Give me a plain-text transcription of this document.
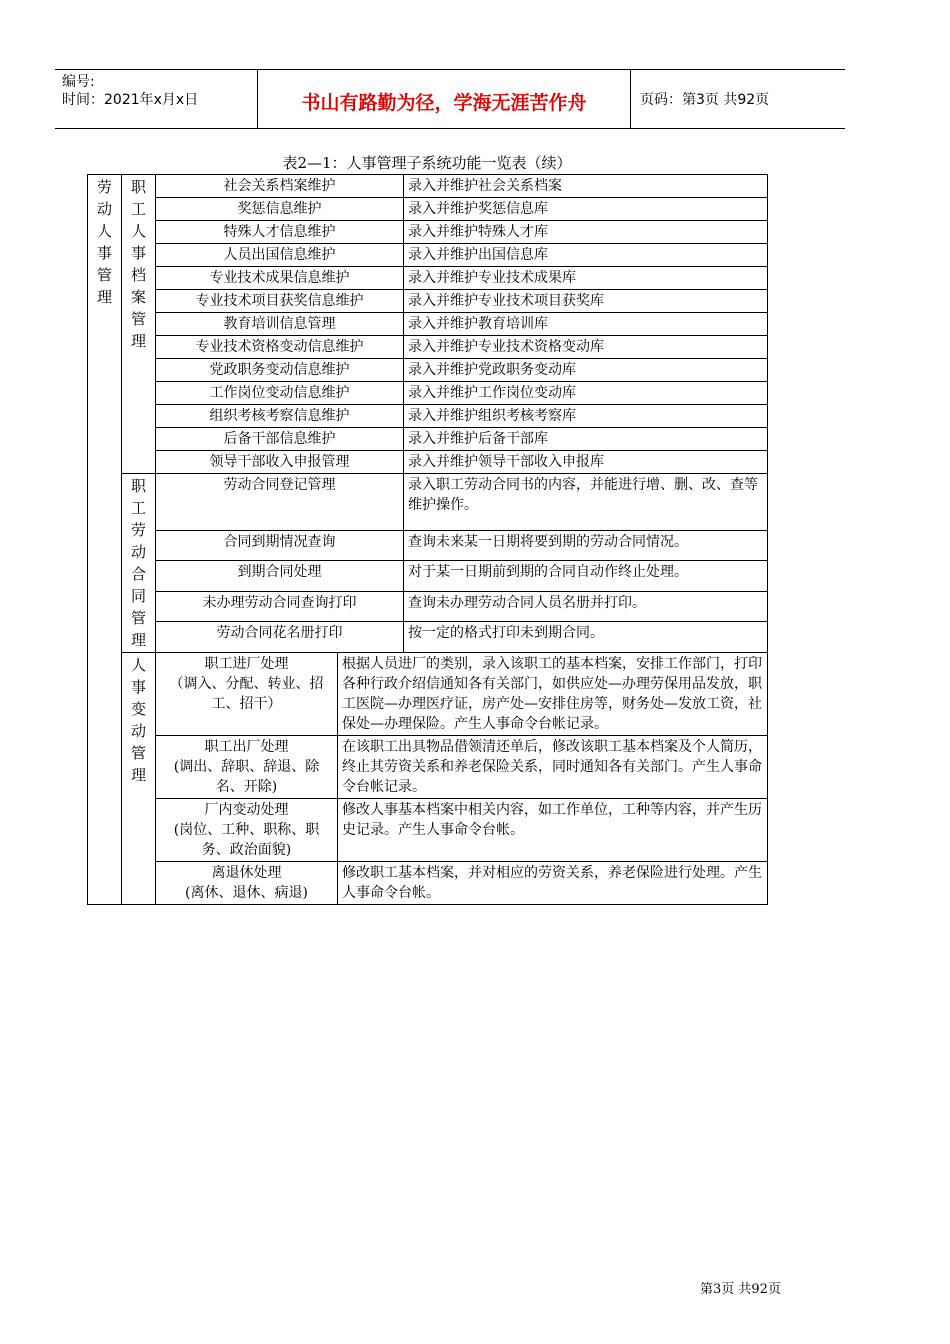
编号:
时间：2021年x月x日	书山有路勤为径，学海无涯苦作舟	页码：第3页 共92页
表2—1：人事管理子系统功能一览表（续）

劳动人事管理	职工人事档案管理	社会关系档案维护			录入并维护社会关系档案
		奖惩信息维护			录入并维护奖惩信息库
		特殊人才信息维护			录入并维护特殊人才库
		人员出国信息维护			录入并维护出国信息库
		专业技术成果信息维护			录入并维护专业技术成果库
		专业技术项目获奖信息维护			录入并维护专业技术项目获奖库
		教育培训信息管理			录入并维护教育培训库
		专业技术资格变动信息维护			录入并维护专业技术资格变动库
		党政职务变动信息维护			录入并维护党政职务变动库
		工作岗位变动信息维护			录入并维护工作岗位变动库
		组织考核考察信息维护			录入并维护组织考核考察库
		后备干部信息维护			录入并维护后备干部库
		领导干部收入申报管理			录入并维护领导干部收入申报库

	职工劳动合同管理	劳动合同登记管理			录入职工劳动合同书的内容，并能进行增、删、改、查等维护操作。
		合同到期情况查询			查询未来某一日期将要到期的劳动合同情况。
		到期合同处理			对于某一日期前到期的合同自动作终止处理。
		未办理劳动合同查询打印			查询未办理劳动合同人员名册并打印。
		劳动合同花名册打印			按一定的格式打印未到期合同。

	人事变动管理	职工进厂处理
（调入、分配、转业、招工、招干）		根据人员进厂的类别，录入该职工的基本档案，安排工作部门，打印各种行政介绍信通知各有关部门，如供应处—办理劳保用品发放，职工医院—办理医疗证，房产处—安排住房等，财务处—发放工资，社保处—办理保险。产生人事命令台帐记录。	
		职工出厂处理
(调出、辞职、辞退、除名、开除)		在该职工出具物品借领清还单后，修改该职工基本档案及个人简历，终止其劳资关系和养老保险关系，同时通知各有关部门。产生人事命令台帐记录。	
		厂内变动处理
(岗位、工种、职称、职务、政治面貌)		修改人事基本档案中相关内容，如工作单位，工种等内容，并产生历史记录。产生人事命令台帐。	
		离退休处理
(离休、退休、病退)		修改职工基本档案，并对相应的劳资关系，养老保险进行处理。产生人事命令台帐。	
第3页 共92页
